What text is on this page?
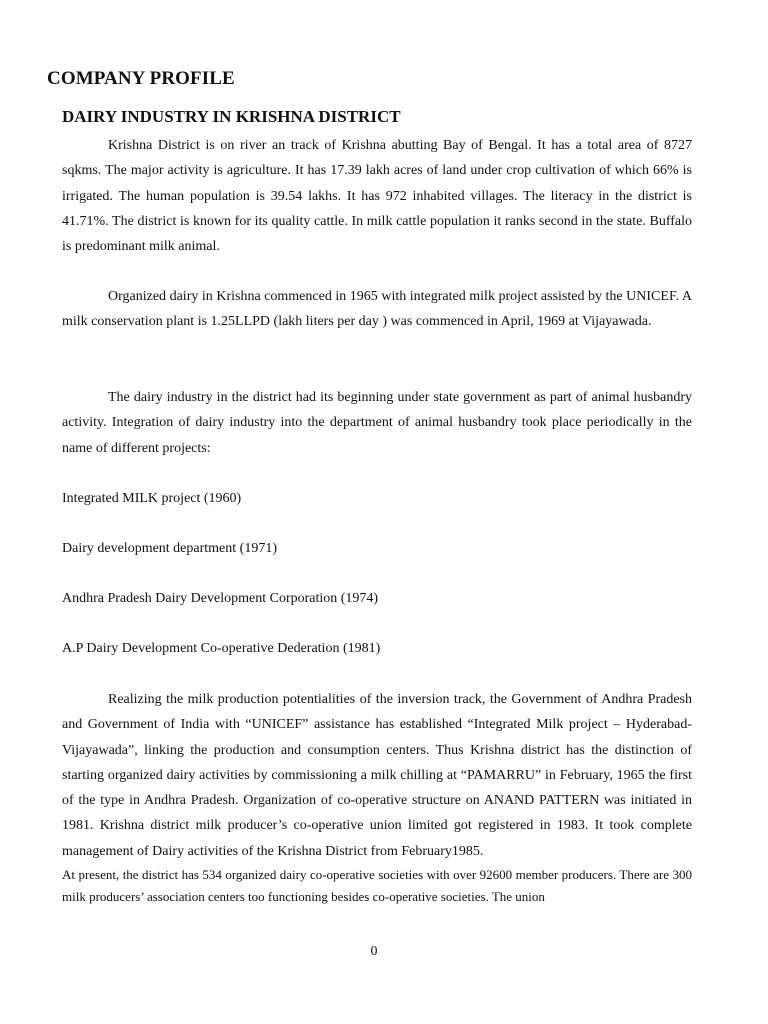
COMPANY PROFILE
DAIRY INDUSTRY IN KRISHNA DISTRICT

Krishna District is on river an track of Krishna abutting Bay of Bengal. It has a total area of 8727 sqkms. The major activity is agriculture. It has 17.39 lakh acres of land under crop cultivation of which 66% is irrigated. The human population is 39.54 lakhs. It has 972 inhabited villages. The literacy in the district is 41.71%. The district is known for its quality cattle. In milk cattle population it ranks second in the state. Buffalo is predominant milk animal.

Organized dairy in Krishna commenced in 1965 with integrated milk project assisted by the UNICEF. A milk conservation plant is 1.25LLPD (lakh liters per day ) was commenced in April, 1969 at Vijayawada.

The dairy industry in the district had its beginning under state government as part of animal husbandry activity. Integration of dairy industry into the department of animal husbandry took place periodically in the name of different projects:

Integrated MILK project (1960)

Dairy development department (1971)

Andhra Pradesh Dairy Development Corporation (1974)

A.P Dairy Development Co-operative Dederation (1981)

Realizing the milk production potentialities of the inversion track, the Government of Andhra Pradesh and Government of India with “UNICEF” assistance has established “Integrated Milk project – Hyderabad-Vijayawada”, linking the production and consumption centers. Thus Krishna district has the distinction of starting organized dairy activities by commissioning a milk chilling at “PAMARRU” in February, 1965 the first of the type in Andhra Pradesh. Organization of co-operative structure on ANAND PATTERN was initiated in 1981. Krishna district milk producer’s co-operative union limited got registered in 1983. It took complete management of Dairy activities of the Krishna District from February1985.

At present, the district has 534 organized dairy co-operative societies with over 92600 member producers. There are 300 milk producers’ association centers too functioning besides co-operative societies. The union

0
